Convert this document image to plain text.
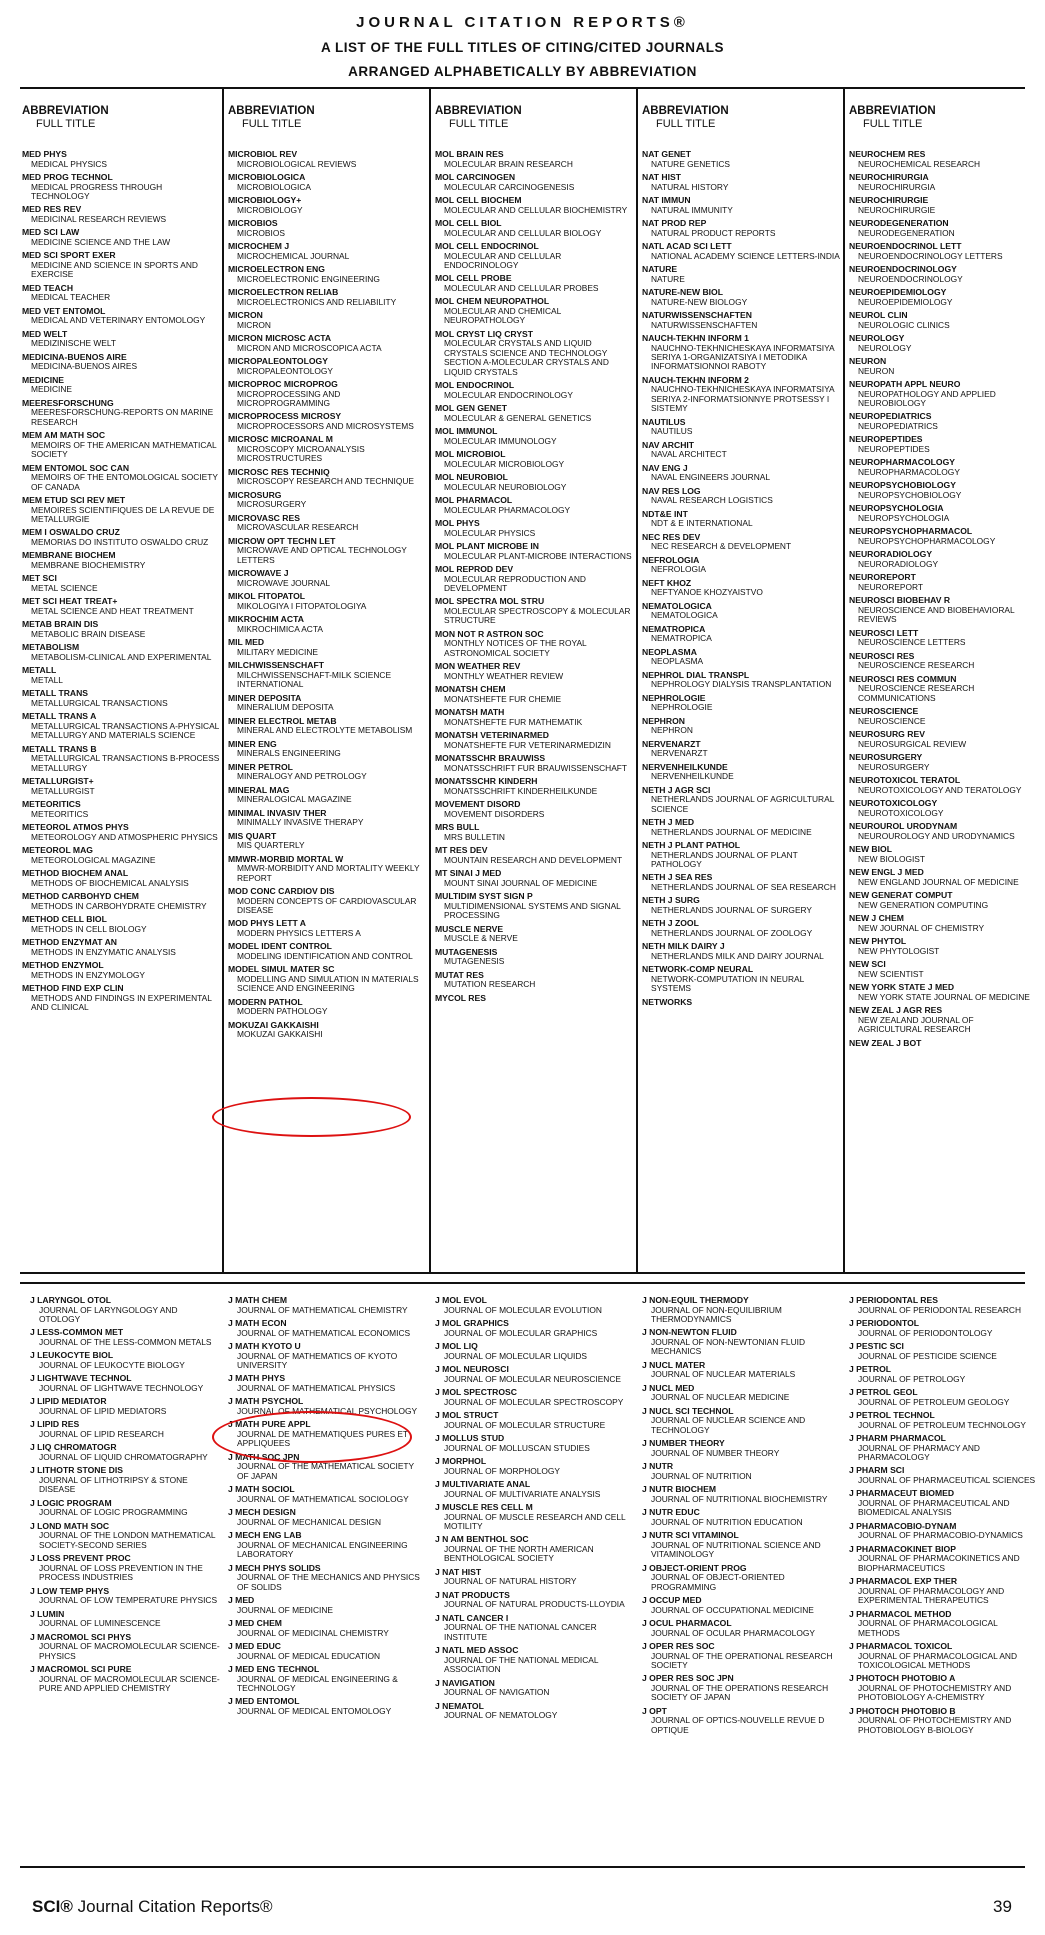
JOURNAL CITATION REPORTS®
A LIST OF THE FULL TITLES OF CITING/CITED JOURNALS
ARRANGED ALPHABETICALLY BY ABBREVIATION
ABBREVIATION
FULL TITLE
ABBREVIATION
FULL TITLE
ABBREVIATION
FULL TITLE
ABBREVIATION
FULL TITLE
ABBREVIATION
FULL TITLE
MED PHYS
MEDICAL PHYSICS
MED PROG TECHNOL
MEDICAL PROGRESS THROUGH TECHNOLOGY
MED RES REV
MEDICINAL RESEARCH REVIEWS
MED SCI LAW
MEDICINE SCIENCE AND THE LAW
MED SCI SPORT EXER
MEDICINE AND SCIENCE IN SPORTS AND EXERCISE
MED TEACH
MEDICAL TEACHER
MED VET ENTOMOL
MEDICAL AND VETERINARY ENTOMOLOGY
MED WELT
MEDIZINISCHE WELT
MEDICINA-BUENOS AIRE
MEDICINA-BUENOS AIRES
MEDICINE
MEDICINE
MEERESFORSCHUNG
MEERESFORSCHUNG-REPORTS ON MARINE RESEARCH
MEM AM MATH SOC
MEMOIRS OF THE AMERICAN MATHEMATICAL SOCIETY
MEM ENTOMOL SOC CAN
MEMOIRS OF THE ENTOMOLOGICAL SOCIETY OF CANADA
MEM ETUD SCI REV MET
MEMOIRES SCIENTIFIQUES DE LA REVUE DE METALLURGIE
MEM I OSWALDO CRUZ
MEMORIAS DO INSTITUTO OSWALDO CRUZ
MEMBRANE BIOCHEM
MEMBRANE BIOCHEMISTRY
MET SCI
METAL SCIENCE
MET SCI HEAT TREAT+
METAL SCIENCE AND HEAT TREATMENT
METAB BRAIN DIS
METABOLIC BRAIN DISEASE
METABOLISM
METABOLISM-CLINICAL AND EXPERIMENTAL
METALL
METALL
METALL TRANS
METALLURGICAL TRANSACTIONS
METALL TRANS A
METALLURGICAL TRANSACTIONS A-PHYSICAL METALLURGY AND MATERIALS SCIENCE
METALL TRANS B
METALLURGICAL TRANSACTIONS B-PROCESS METALLURGY
METALLURGIST+
METALLURGIST
METEORITICS
METEORITICS
METEOROL ATMOS PHYS
METEOROLOGY AND ATMOSPHERIC PHYSICS
METEOROL MAG
METEOROLOGICAL MAGAZINE
METHOD BIOCHEM ANAL
METHODS OF BIOCHEMICAL ANALYSIS
METHOD CARBOHYD CHEM
METHODS IN CARBOHYDRATE CHEMISTRY
METHOD CELL BIOL
METHODS IN CELL BIOLOGY
METHOD ENZYMAT AN
METHODS IN ENZYMATIC ANALYSIS
METHOD ENZYMOL
METHODS IN ENZYMOLOGY
METHOD FIND EXP CLIN
METHODS AND FINDINGS IN EXPERIMENTAL AND CLINICAL
MICROBIOL REV
MICROBIOLOGICAL REVIEWS
MICROBIOLOGICA
MICROBIOLOGICA
MICROBIOLOGY+
MICROBIOLOGY
MICROBIOS
MICROBIOS
MICROCHEM J
MICROCHEMICAL JOURNAL
MICROELECTRON ENG
MICROELECTRONIC ENGINEERING
MICROELECTRON RELIAB
MICROELECTRONICS AND RELIABILITY
MICRON
MICRON
MICRON MICROSC ACTA
MICRON AND MICROSCOPICA ACTA
MICROPALEONTOLOGY
MICROPALEONTOLOGY
MICROPROC MICROPROG
MICROPROCESSING AND MICROPROGRAMMING
MICROPROCESS MICROSY
MICROPROCESSORS AND MICROSYSTEMS
MICROSC MICROANAL M
MICROSCOPY MICROANALYSIS MICROSTRUCTURES
MICROSC RES TECHNIQ
MICROSCOPY RESEARCH AND TECHNIQUE
MICROSURG
MICROSURGERY
MICROVASC RES
MICROVASCULAR RESEARCH
MICROW OPT TECHN LET
MICROWAVE AND OPTICAL TECHNOLOGY LETTERS
MICROWAVE J
MICROWAVE JOURNAL
MIKOL FITOPATOL
MIKOLOGIYA I FITOPATOLOGIYA
MIKROCHIM ACTA
MIKROCHIMICA ACTA
MIL MED
MILITARY MEDICINE
MILCHWISSENSCHAFT
MILCHWISSENSCHAFT-MILK SCIENCE INTERNATIONAL
MINER DEPOSITA
MINERALIUM DEPOSITA
MINER ELECTROL METAB
MINERAL AND ELECTROLYTE METABOLISM
MINER ENG
MINERALS ENGINEERING
MINER PETROL
MINERALOGY AND PETROLOGY
MINERAL MAG
MINERALOGICAL MAGAZINE
MINIMAL INVASIV THER
MINIMALLY INVASIVE THERAPY
MIS QUART
MIS QUARTERLY
MMWR-MORBID MORTAL W
MMWR-MORBIDITY AND MORTALITY WEEKLY REPORT
MOD CONC CARDIOV DIS
MODERN CONCEPTS OF CARDIOVASCULAR DISEASE
MOD PHYS LETT A
MODERN PHYSICS LETTERS A
MODEL IDENT CONTROL
MODELING IDENTIFICATION AND CONTROL
MODEL SIMUL MATER SC
MODELLING AND SIMULATION IN MATERIALS SCIENCE AND ENGINEERING
MODERN PATHOL
MODERN PATHOLOGY
MOKUZAI GAKKAISHI
MOKUZAI GAKKAISHI
MOL BRAIN RES
MOLECULAR BRAIN RESEARCH
MOL CARCINOGEN
MOLECULAR CARCINOGENESIS
MOL CELL BIOCHEM
MOLECULAR AND CELLULAR BIOCHEMISTRY
MOL CELL BIOL
MOLECULAR AND CELLULAR BIOLOGY
MOL CELL ENDOCRINOL
MOLECULAR AND CELLULAR ENDOCRINOLOGY
MOL CELL PROBE
MOLECULAR AND CELLULAR PROBES
MOL CHEM NEUROPATHOL
MOLECULAR AND CHEMICAL NEUROPATHOLOGY
MOL CRYST LIQ CRYST
MOLECULAR CRYSTALS AND LIQUID CRYSTALS SCIENCE AND TECHNOLOGY SECTION A-MOLECULAR CRYSTALS AND LIQUID CRYSTALS
MOL ENDOCRINOL
MOLECULAR ENDOCRINOLOGY
MOL GEN GENET
MOLECULAR & GENERAL GENETICS
MOL IMMUNOL
MOLECULAR IMMUNOLOGY
MOL MICROBIOL
MOLECULAR MICROBIOLOGY
MOL NEUROBIOL
MOLECULAR NEUROBIOLOGY
MOL PHARMACOL
MOLECULAR PHARMACOLOGY
MOL PHYS
MOLECULAR PHYSICS
MOL PLANT MICROBE IN
MOLECULAR PLANT-MICROBE INTERACTIONS
MOL REPROD DEV
MOLECULAR REPRODUCTION AND DEVELOPMENT
MOL SPECTRA MOL STRU
MOLECULAR SPECTROSCOPY & MOLECULAR STRUCTURE
MON NOT R ASTRON SOC
MONTHLY NOTICES OF THE ROYAL ASTRONOMICAL SOCIETY
MON WEATHER REV
MONTHLY WEATHER REVIEW
MONATSH CHEM
MONATSHEFTE FUR CHEMIE
MONATSH MATH
MONATSHEFTE FUR MATHEMATIK
MONATSH VETERINARMED
MONATSHEFTE FUR VETERINARMEDIZIN
MONATSSCHR BRAUWISS
MONATSSCHRIFT FUR BRAUWISSENSCHAFT
MONATSSCHR KINDERH
MONATSSCHRIFT KINDERHEILKUNDE
MOVEMENT DISORD
MOVEMENT DISORDERS
MRS BULL
MRS BULLETIN
MT RES DEV
MOUNTAIN RESEARCH AND DEVELOPMENT
MT SINAI J MED
MOUNT SINAI JOURNAL OF MEDICINE
MULTIDIM SYST SIGN P
MULTIDIMENSIONAL SYSTEMS AND SIGNAL PROCESSING
MUSCLE NERVE
MUSCLE & NERVE
MUTAGENESIS
MUTAGENESIS
MUTAT RES
MUTATION RESEARCH
MYCOL RES
NAT GENET
NATURE GENETICS
NAT HIST
NATURAL HISTORY
NAT IMMUN
NATURAL IMMUNITY
NAT PROD REP
NATURAL PRODUCT REPORTS
NATL ACAD SCI LETT
NATIONAL ACADEMY SCIENCE LETTERS-INDIA
NATURE
NATURE
NATURE-NEW BIOL
NATURE-NEW BIOLOGY
NATURWISSENSCHAFTEN
NATURWISSENSCHAFTEN
NAUCH-TEKHN INFORM 1
NAUCHNO-TEKHNICHESKAYA INFORMATSIYA SERIYA 1-ORGANIZATSIYA I METODIKA INFORMATSIONNOI RABOTY
NAUCH-TEKHN INFORM 2
NAUCHNO-TEKHNICHESKAYA INFORMATSIYA SERIYA 2-INFORMATSIONNYE PROTSESSY I SISTEMY
NAUTILUS
NAUTILUS
NAV ARCHIT
NAVAL ARCHITECT
NAV ENG J
NAVAL ENGINEERS JOURNAL
NAV RES LOG
NAVAL RESEARCH LOGISTICS
NDT&E INT
NDT & E INTERNATIONAL
NEC RES DEV
NEC RESEARCH & DEVELOPMENT
NEFROLOGIA
NEFROLOGIA
NEFT KHOZ
NEFTYANOE KHOZYAISTVO
NEMATOLOGICA
NEMATOLOGICA
NEMATROPICA
NEMATROPICA
NEOPLASMA
NEOPLASMA
NEPHROL DIAL TRANSPL
NEPHROLOGY DIALYSIS TRANSPLANTATION
NEPHROLOGIE
NEPHROLOGIE
NEPHRON
NEPHRON
NERVENARZT
NERVENARZT
NERVENHEILKUNDE
NERVENHEILKUNDE
NETH J AGR SCI
NETHERLANDS JOURNAL OF AGRICULTURAL SCIENCE
NETH J MED
NETHERLANDS JOURNAL OF MEDICINE
NETH J PLANT PATHOL
NETHERLANDS JOURNAL OF PLANT PATHOLOGY
NETH J SEA RES
NETHERLANDS JOURNAL OF SEA RESEARCH
NETH J SURG
NETHERLANDS JOURNAL OF SURGERY
NETH J ZOOL
NETHERLANDS JOURNAL OF ZOOLOGY
NETH MILK DAIRY J
NETHERLANDS MILK AND DAIRY JOURNAL
NETWORK-COMP NEURAL
NETWORK-COMPUTATION IN NEURAL SYSTEMS
NETWORKS
NEUROCHEM RES
NEUROCHEMICAL RESEARCH
NEUROCHIRURGIA
NEUROCHIRURGIA
NEUROCHIRURGIE
NEUROCHIRURGIE
NEURODEGENERATION
NEURODEGENERATION
NEUROENDOCRINOL LETT
NEUROENDOCRINOLOGY LETTERS
NEUROENDOCRINOLOGY
NEUROENDOCRINOLOGY
NEUROEPIDEMIOLOGY
NEUROEPIDEMIOLOGY
NEUROL CLIN
NEUROLOGIC CLINICS
NEUROLOGY
NEUROLOGY
NEURON
NEURON
NEUROPATH APPL NEURO
NEUROPATHOLOGY AND APPLIED NEUROBIOLOGY
NEUROPEDIATRICS
NEUROPEDIATRICS
NEUROPEPTIDES
NEUROPEPTIDES
NEUROPHARMACOLOGY
NEUROPHARMACOLOGY
NEUROPSYCHOBIOLOGY
NEUROPSYCHOBIOLOGY
NEUROPSYCHOLOGIA
NEUROPSYCHOLOGIA
NEUROPSYCHOPHARMACOL
NEUROPSYCHOPHARMACOLOGY
NEURORADIOLOGY
NEURORADIOLOGY
NEUROREPORT
NEUROREPORT
NEUROSCI BIOBEHAV R
NEUROSCIENCE AND BIOBEHAVIORAL REVIEWS
NEUROSCI LETT
NEUROSCIENCE LETTERS
NEUROSCI RES
NEUROSCIENCE RESEARCH
NEUROSCI RES COMMUN
NEUROSCIENCE RESEARCH COMMUNICATIONS
NEUROSCIENCE
NEUROSCIENCE
NEUROSURG REV
NEUROSURGICAL REVIEW
NEUROSURGERY
NEUROSURGERY
NEUROTOXICOL TERATOL
NEUROTOXICOLOGY AND TERATOLOGY
NEUROTOXICOLOGY
NEUROTOXICOLOGY
NEUROUROL URODYNAM
NEUROUROLOGY AND URODYNAMICS
NEW BIOL
NEW BIOLOGIST
NEW ENGL J MED
NEW ENGLAND JOURNAL OF MEDICINE
NEW GENERAT COMPUT
NEW GENERATION COMPUTING
NEW J CHEM
NEW JOURNAL OF CHEMISTRY
NEW PHYTOL
NEW PHYTOLOGIST
NEW SCI
NEW SCIENTIST
NEW YORK STATE J MED
NEW YORK STATE JOURNAL OF MEDICINE
NEW ZEAL J AGR RES
NEW ZEALAND JOURNAL OF AGRICULTURAL RESEARCH
NEW ZEAL J BOT
J LARYNGOL OTOL
JOURNAL OF LARYNGOLOGY AND OTOLOGY
J LESS-COMMON MET
JOURNAL OF THE LESS-COMMON METALS
J LEUKOCYTE BIOL
JOURNAL OF LEUKOCYTE BIOLOGY
J LIGHTWAVE TECHNOL
JOURNAL OF LIGHTWAVE TECHNOLOGY
J LIPID MEDIATOR
JOURNAL OF LIPID MEDIATORS
J LIPID RES
JOURNAL OF LIPID RESEARCH
J LIQ CHROMATOGR
JOURNAL OF LIQUID CHROMATOGRAPHY
J LITHOTR STONE DIS
JOURNAL OF LITHOTRIPSY & STONE DISEASE
J LOGIC PROGRAM
JOURNAL OF LOGIC PROGRAMMING
J LOND MATH SOC
JOURNAL OF THE LONDON MATHEMATICAL SOCIETY-SECOND SERIES
J LOSS PREVENT PROC
JOURNAL OF LOSS PREVENTION IN THE PROCESS INDUSTRIES
J LOW TEMP PHYS
JOURNAL OF LOW TEMPERATURE PHYSICS
J LUMIN
JOURNAL OF LUMINESCENCE
J MACROMOL SCI PHYS
JOURNAL OF MACROMOLECULAR SCIENCE-PHYSICS
J MACROMOL SCI PURE
JOURNAL OF MACROMOLECULAR SCIENCE-PURE AND APPLIED CHEMISTRY
J MATH CHEM
JOURNAL OF MATHEMATICAL CHEMISTRY
J MATH ECON
JOURNAL OF MATHEMATICAL ECONOMICS
J MATH KYOTO U
JOURNAL OF MATHEMATICS OF KYOTO UNIVERSITY
J MATH PHYS
JOURNAL OF MATHEMATICAL PHYSICS
J MATH PSYCHOL
JOURNAL OF MATHEMATICAL PSYCHOLOGY
J MATH PURE APPL
JOURNAL DE MATHEMATIQUES PURES ET APPLIQUEES
J MATH SOC JPN
JOURNAL OF THE MATHEMATICAL SOCIETY OF JAPAN
J MATH SOCIOL
JOURNAL OF MATHEMATICAL SOCIOLOGY
J MECH DESIGN
JOURNAL OF MECHANICAL DESIGN
J MECH ENG LAB
JOURNAL OF MECHANICAL ENGINEERING LABORATORY
J MECH PHYS SOLIDS
JOURNAL OF THE MECHANICS AND PHYSICS OF SOLIDS
J MED
JOURNAL OF MEDICINE
J MED CHEM
JOURNAL OF MEDICINAL CHEMISTRY
J MED EDUC
JOURNAL OF MEDICAL EDUCATION
J MED ENG TECHNOL
JOURNAL OF MEDICAL ENGINEERING & TECHNOLOGY
J MED ENTOMOL
JOURNAL OF MEDICAL ENTOMOLOGY
J MOL EVOL
JOURNAL OF MOLECULAR EVOLUTION
J MOL GRAPHICS
JOURNAL OF MOLECULAR GRAPHICS
J MOL LIQ
JOURNAL OF MOLECULAR LIQUIDS
J MOL NEUROSCI
JOURNAL OF MOLECULAR NEUROSCIENCE
J MOL SPECTROSC
JOURNAL OF MOLECULAR SPECTROSCOPY
J MOL STRUCT
JOURNAL OF MOLECULAR STRUCTURE
J MOLLUS STUD
JOURNAL OF MOLLUSCAN STUDIES
J MORPHOL
JOURNAL OF MORPHOLOGY
J MULTIVARIATE ANAL
JOURNAL OF MULTIVARIATE ANALYSIS
J MUSCLE RES CELL M
JOURNAL OF MUSCLE RESEARCH AND CELL MOTILITY
J N AM BENTHOL SOC
JOURNAL OF THE NORTH AMERICAN BENTHOLOGICAL SOCIETY
J NAT HIST
JOURNAL OF NATURAL HISTORY
J NAT PRODUCTS
JOURNAL OF NATURAL PRODUCTS-LLOYDIA
J NATL CANCER I
JOURNAL OF THE NATIONAL CANCER INSTITUTE
J NATL MED ASSOC
JOURNAL OF THE NATIONAL MEDICAL ASSOCIATION
J NAVIGATION
JOURNAL OF NAVIGATION
J NEMATOL
JOURNAL OF NEMATOLOGY
J NON-EQUIL THERMODY
JOURNAL OF NON-EQUILIBRIUM THERMODYNAMICS
J NON-NEWTON FLUID
JOURNAL OF NON-NEWTONIAN FLUID MECHANICS
J NUCL MATER
JOURNAL OF NUCLEAR MATERIALS
J NUCL MED
JOURNAL OF NUCLEAR MEDICINE
J NUCL SCI TECHNOL
JOURNAL OF NUCLEAR SCIENCE AND TECHNOLOGY
J NUMBER THEORY
JOURNAL OF NUMBER THEORY
J NUTR
JOURNAL OF NUTRITION
J NUTR BIOCHEM
JOURNAL OF NUTRITIONAL BIOCHEMISTRY
J NUTR EDUC
JOURNAL OF NUTRITION EDUCATION
J NUTR SCI VITAMINOL
JOURNAL OF NUTRITIONAL SCIENCE AND VITAMINOLOGY
J OBJECT-ORIENT PROG
JOURNAL OF OBJECT-ORIENTED PROGRAMMING
J OCCUP MED
JOURNAL OF OCCUPATIONAL MEDICINE
J OCUL PHARMACOL
JOURNAL OF OCULAR PHARMACOLOGY
J OPER RES SOC
JOURNAL OF THE OPERATIONAL RESEARCH SOCIETY
J OPER RES SOC JPN
JOURNAL OF THE OPERATIONS RESEARCH SOCIETY OF JAPAN
J OPT
JOURNAL OF OPTICS-NOUVELLE REVUE D OPTIQUE
J PERIODONTAL RES
JOURNAL OF PERIODONTAL RESEARCH
J PERIODONTOL
JOURNAL OF PERIODONTOLOGY
J PESTIC SCI
JOURNAL OF PESTICIDE SCIENCE
J PETROL
JOURNAL OF PETROLOGY
J PETROL GEOL
JOURNAL OF PETROLEUM GEOLOGY
J PETROL TECHNOL
JOURNAL OF PETROLEUM TECHNOLOGY
J PHARM PHARMACOL
JOURNAL OF PHARMACY AND PHARMACOLOGY
J PHARM SCI
JOURNAL OF PHARMACEUTICAL SCIENCES
J PHARMACEUT BIOMED
JOURNAL OF PHARMACEUTICAL AND BIOMEDICAL ANALYSIS
J PHARMACOBIO-DYNAM
JOURNAL OF PHARMACOBIO-DYNAMICS
J PHARMACOKINET BIOP
JOURNAL OF PHARMACOKINETICS AND BIOPHARMACEUTICS
J PHARMACOL EXP THER
JOURNAL OF PHARMACOLOGY AND EXPERIMENTAL THERAPEUTICS
J PHARMACOL METHOD
JOURNAL OF PHARMACOLOGICAL METHODS
J PHARMACOL TOXICOL
JOURNAL OF PHARMACOLOGICAL AND TOXICOLOGICAL METHODS
J PHOTOCH PHOTOBIO A
JOURNAL OF PHOTOCHEMISTRY AND PHOTOBIOLOGY A-CHEMISTRY
J PHOTOCH PHOTOBIO B
JOURNAL OF PHOTOCHEMISTRY AND PHOTOBIOLOGY B-BIOLOGY
SCI® Journal Citation Reports®	39
